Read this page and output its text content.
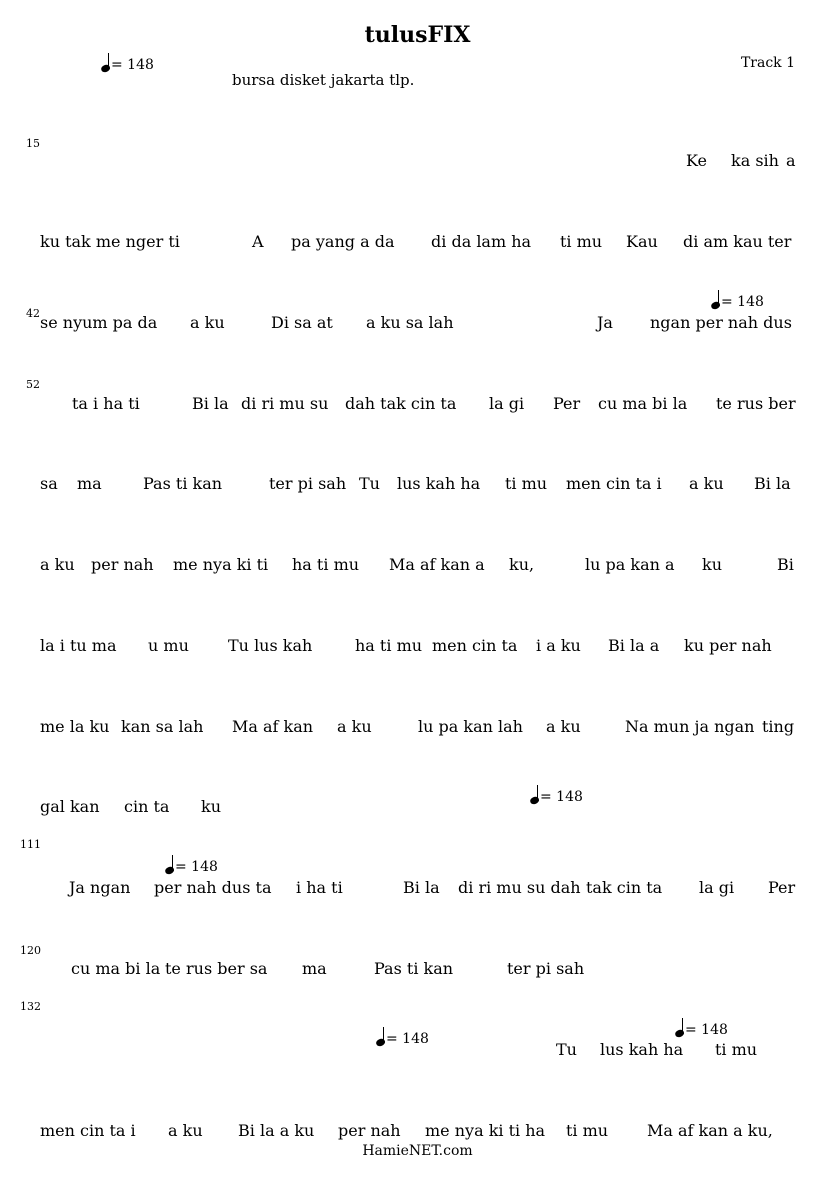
tulusFIX
Track 1
bursa disket jakarta tlp.
= 148
15
42
52
111
120
132
= 148
= 148
= 148
= 148
= 148
Ke ka sih a
ku tak me nger ti	A pa yang a da di da lam ha ti mu Kau di am kau ter
se nyum pa da a ku	Di sa at a ku sa lah	Ja ngan per nah dus
ta i ha ti	Bi la di ri mu su dah tak cin ta la gi Per cu ma bi la te rus ber
sa ma	Pas ti kan	ter pi sah Tu lus kah ha ti mu men cin ta i a ku Bi la
a ku per nah me nya ki ti ha ti mu Ma af kan a ku,	lu pa kan a ku	Bi
la i tu ma u mu Tu lus kah	ha ti mu men cin ta i a ku Bi la a ku per nah
me la ku kan sa lah Ma af kan a ku	lu pa kan lah a ku	Na mun ja ngan ting
gal kan cin ta ku
Ja ngan per nah dus ta i ha ti	Bi la di ri mu su dah tak cin ta la gi Per
cu ma bi la te rus ber sa ma	Pas ti kan	ter pi sah
Tu lus kah ha ti mu
men cin ta i a ku Bi la a ku per nah me nya ki ti ha ti mu Ma af kan a ku,
HamieNET.com
